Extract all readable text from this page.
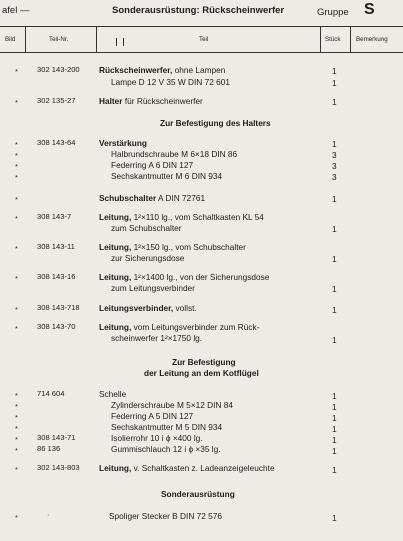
afel —	Sonderausrüstung: Rückscheinwerfer	Gruppe S
Bild	Teil-Nr.	Teil	Stück	Bemerkung
*	302 143-200 Rückscheinwerfer, ohne Lampen	1
Lampe D 12 V 35 W DIN 72 601	1
*	302 135-27	Halter für Rückscheinwerfer	1
Zur Befestigung des Halters
*	308 143-64	Verstärkung	1
*	Halbrundschraube M 6×18 DIN 86	3
*	Federring A 6 DIN 127	3
*	Sechskantmutter M 6 DIN 934	3
*	Schubschalter A DIN 72761	1
*	308 143-7	Leitung, 1²×110 lg., vom Schaltkasten KL 54
zum Schubschalter	1
*	308 143-11	Leitung, 1²×150 lg., vom Schubschalter
zur Sicherungsdose	1
*	308 143-16	Leitung, 1²×1400 lg., von der Sicherungsdose
zum Leitungsverbinder	1
*	308 143-718 Leitungsverbinder, vollst.	1
*	308 143-70	Leitung, vom Leitungsverbinder zum Rück-
scheinwerfer 1²×1750 lg.	1
Zur Befestigung
der Leitung an dem Kotflügel
*	714 604	Schelle	1
*	Zylinderschraube M 5×12 DIN 84	1
*	Federring A 5 DIN 127	1
*	Sechskantmutter M 5 DIN 934	1
*	308 143-71	Isolierrohr 10 i ϕ ×400 lg.	1
*	86 136	Gummischlauch 12 i ϕ ×35 lg.	1
*	302 143-803 Leitung, v. Schaltkasten z. Ladeanzeigeleuchte	1
Sonderausrüstung
*	·	Spoliger Stecker B DIN 72 576	1
